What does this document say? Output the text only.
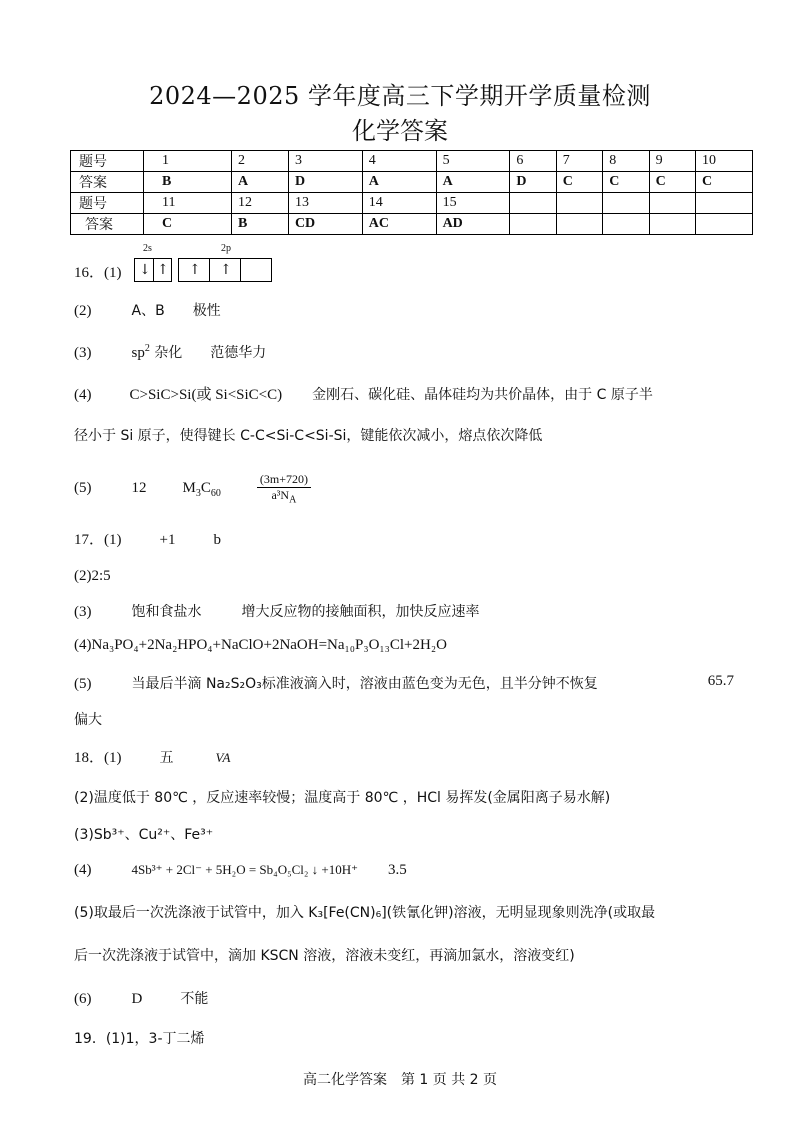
2024—2025 学年度高三下学期开学质量检测
化学答案
题号	1	2	3	4	5	6	7	8	9	10
答案	B	A	D	A	A	D	C	C	C	C
题号	11	12	13	14	15					
答案	C	B	CD	AC	AD					
16．(1)
2s	2p
↓ ↑ ↑ ↑
(2)	A、B 极性
(3)	$sp^2$ 杂化 范德华力
(4)	C>SiC>Si(或 Si<SiC<C) 金刚石、碳化硅、晶体硅均为共价晶体，由于 C 原子半
径小于 Si 原子，使得键长 C-C<Si-C<Si-Si，键能依次减小，熔点依次降低
(5)	12 $M_3C_{60}$	$\frac{(3m+720)}{a^3N_A}$
17．(1)	+1	b
(2)2:5
(3)	饱和食盐水	增大反应物的接触面积，加快反应速率
(4)Na₃PO₄+2Na₂HPO₄+NaClO+2NaOH=Na₁₀P₃O₁₃Cl+2H₂O
(5)	当最后半滴 Na₂S₂O₃标准液滴入时，溶液由蓝色变为无色，且半分钟不恢复	65.7
偏大
18．(1)	五	VA
(2)温度低于 80℃ ，反应速率较慢；温度高于 80℃ ，HCl 易挥发(金属阳离子易水解)
(3)Sb³⁺、Cu²⁺、Fe³⁺
(4)	4Sb³⁺ + 2Cl⁻ + 5H₂O = Sb₄O₅Cl₂ ↓ +10H⁺ 3.5
(5)取最后一次洗涤液于试管中，加入 K₃[Fe(CN)₆](铁氰化钾)溶液，无明显现象则洗净(或取最
后一次洗涤液于试管中，滴加 KSCN 溶液，溶液未变红，再滴加氯水，溶液变红)
(6)	D	不能
19．(1)1，3-丁二烯
高二化学答案　第 1 页 共 2 页
